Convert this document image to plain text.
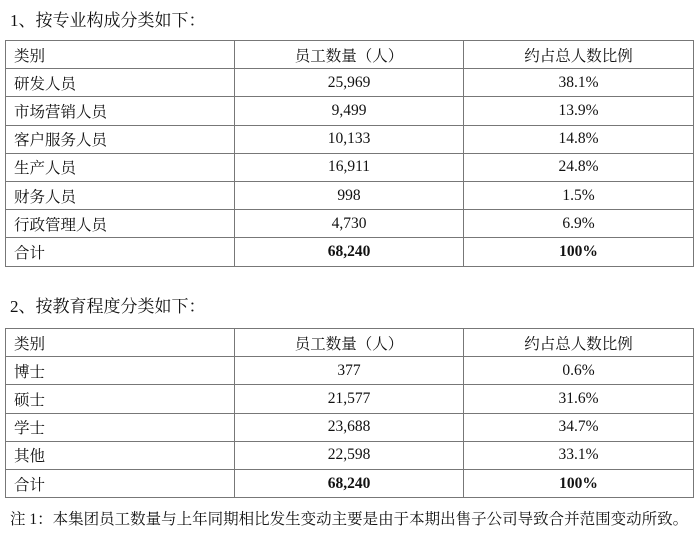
1、按专业构成分类如下：
类别	员工数量（人）	约占总人数比例
研发人员	25,969	38.1%
市场营销人员	9,499	13.9%
客户服务人员	10,133	14.8%
生产人员	16,911	24.8%
财务人员	998	1.5%
行政管理人员	4,730	6.9%
合计	68,240	100%
2、按教育程度分类如下：
类别	员工数量（人）	约占总人数比例
博士	377	0.6%
硕士	21,577	31.6%
学士	23,688	34.7%
其他	22,598	33.1%
合计	68,240	100%
注 1：本集团员工数量与上年同期相比发生变动主要是由于本期出售子公司导致合并范围变动所致。
